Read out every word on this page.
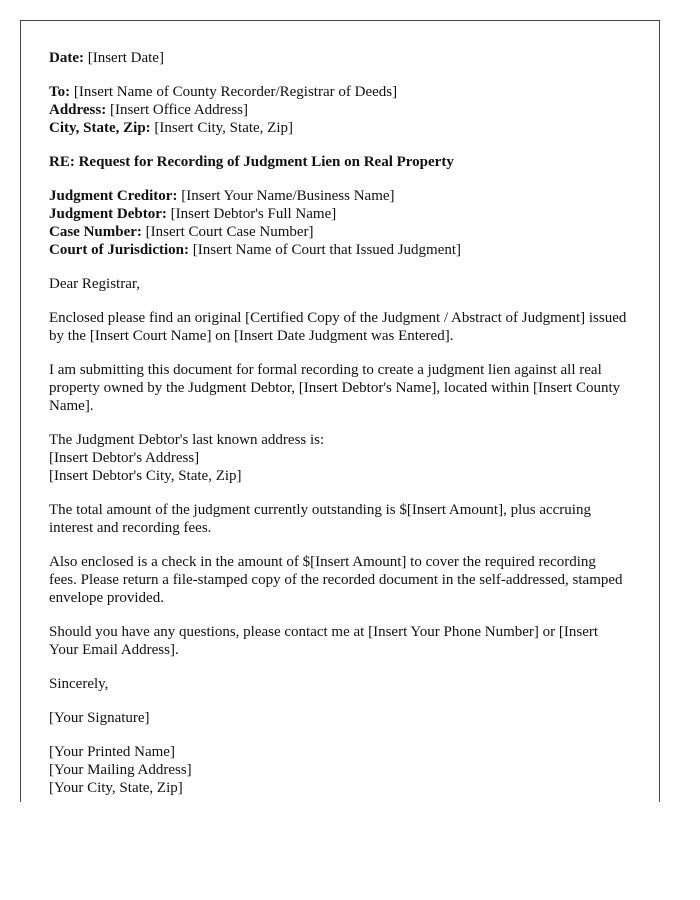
Date: [Insert Date]

To: [Insert Name of County Recorder/Registrar of Deeds]
Address: [Insert Office Address]
City, State, Zip: [Insert City, State, Zip]

RE: Request for Recording of Judgment Lien on Real Property

Judgment Creditor: [Insert Your Name/Business Name]
Judgment Debtor: [Insert Debtor's Full Name]
Case Number: [Insert Court Case Number]
Court of Jurisdiction: [Insert Name of Court that Issued Judgment]

Dear Registrar,

Enclosed please find an original [Certified Copy of the Judgment / Abstract of Judgment] issued by the [Insert Court Name] on [Insert Date Judgment was Entered].

I am submitting this document for formal recording to create a judgment lien against all real property owned by the Judgment Debtor, [Insert Debtor's Name], located within [Insert County Name].

The Judgment Debtor's last known address is:
[Insert Debtor's Address]
[Insert Debtor's City, State, Zip]

The total amount of the judgment currently outstanding is $[Insert Amount], plus accruing interest and recording fees.

Also enclosed is a check in the amount of $[Insert Amount] to cover the required recording fees. Please return a file-stamped copy of the recorded document in the self-addressed, stamped envelope provided.

Should you have any questions, please contact me at [Insert Your Phone Number] or [Insert Your Email Address].

Sincerely,

[Your Signature]

[Your Printed Name]
[Your Mailing Address]
[Your City, State, Zip]
